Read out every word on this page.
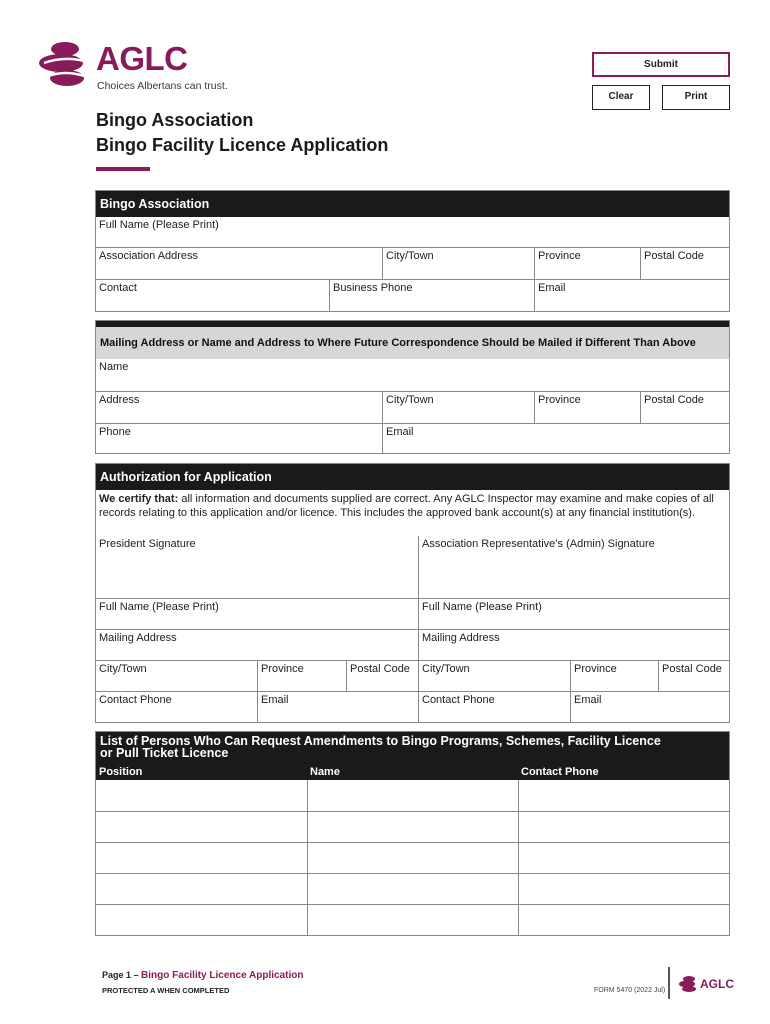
AGLC
Choices Albertans can trust.
Submit
Clear	Print
Bingo Association
Bingo Facility Licence Application
Bingo Association
Full Name (Please Print)
Association Address	City/Town	Province	Postal Code
Contact	Business Phone	Email
Mailing Address or Name and Address to Where Future Correspondence Should be Mailed if Different Than Above
Name
Address	City/Town	Province	Postal Code
Phone	Email
Authorization for Application
We certify that: all information and documents supplied are correct. Any AGLC Inspector may examine and make copies of all records relating to this application and/or licence. This includes the approved bank account(s) at any financial institution(s).
President Signature	Association Representative’s (Admin) Signature
Full Name (Please Print)	Full Name (Please Print)
Mailing Address	Mailing Address
City/Town	Province	Postal Code	City/Town	Province	Postal Code
Contact Phone	Email	Contact Phone	Email
List of Persons Who Can Request Amendments to Bingo Programs, Schemes, Facility Licence
or Pull Ticket Licence
Position	Name	Contact Phone
Page 1 – Bingo Facility Licence Application
PROTECTED A WHEN COMPLETED	FORM 5470 (2022 Jul)	AGLC
